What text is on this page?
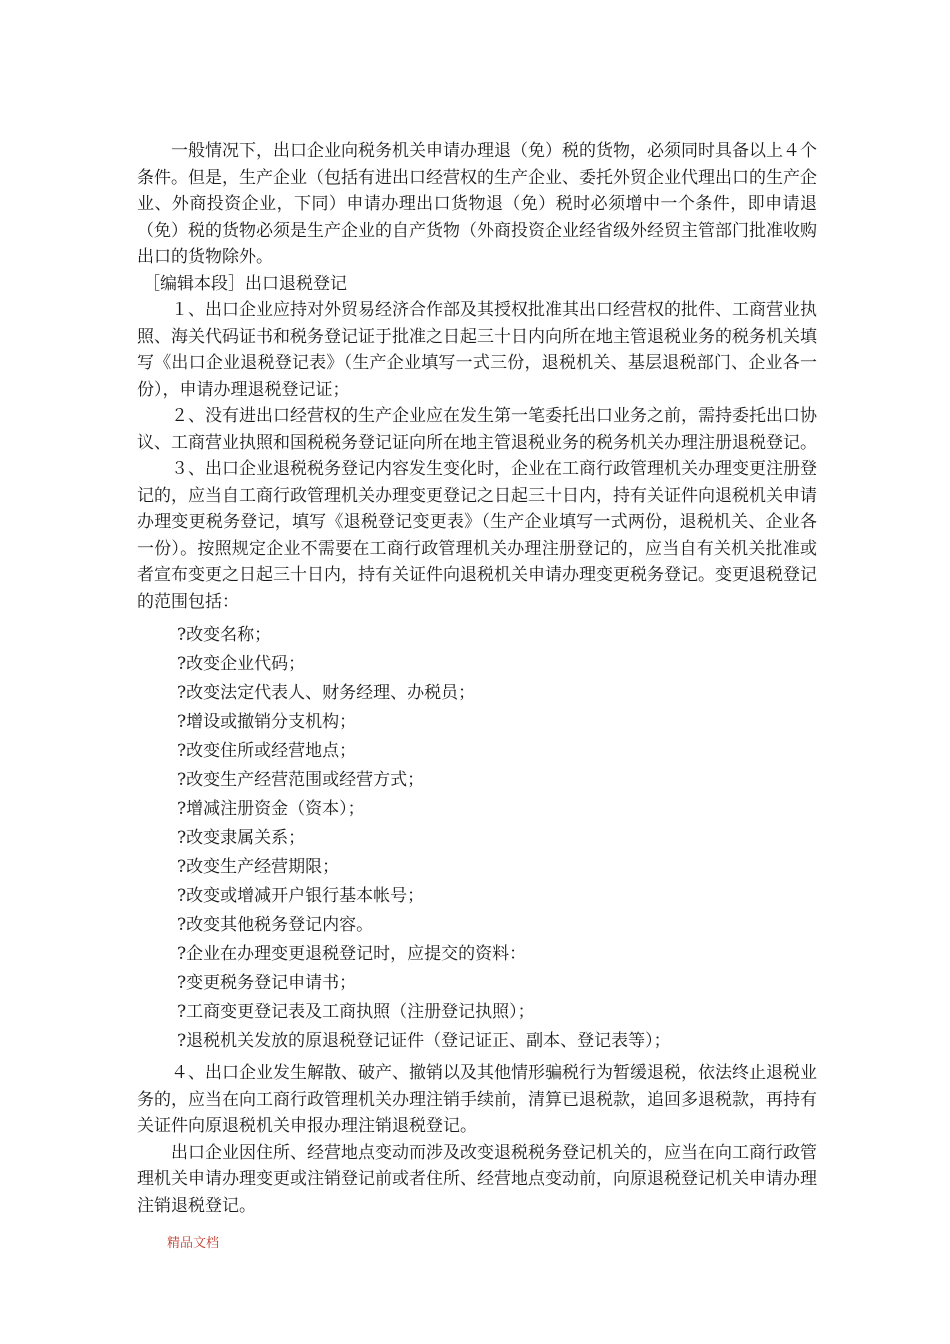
一般情况下，出口企业向税务机关申请办理退（免）税的货物，必须同时具备以上４个条件。但是，生产企业（包括有进出口经营权的生产企业、委托外贸企业代理出口的生产企业、外商投资企业，下同）申请办理出口货物退（免）税时必须增中一个条件，即申请退（免）税的货物必须是生产企业的自产货物（外商投资企业经省级外经贸主管部门批准收购出口的货物除外。

［编辑本段］出口退税登记

１、出口企业应持对外贸易经济合作部及其授权批准其出口经营权的批件、工商营业执照、海关代码证书和税务登记证于批准之日起三十日内向所在地主管退税业务的税务机关填写《出口企业退税登记表》（生产企业填写一式三份，退税机关、基层退税部门、企业各一份），申请办理退税登记证；

２、没有进出口经营权的生产企业应在发生第一笔委托出口业务之前，需持委托出口协议、工商营业执照和国税税务登记证向所在地主管退税业务的税务机关办理注册退税登记。

３、出口企业退税税务登记内容发生变化时，企业在工商行政管理机关办理变更注册登记的，应当自工商行政管理机关办理变更登记之日起三十日内，持有关证件向退税机关申请办理变更税务登记，填写《退税登记变更表》（生产企业填写一式两份，退税机关、企业各一份）。按照规定企业不需要在工商行政管理机关办理注册登记的，应当自有关机关批准或者宣布变更之日起三十日内，持有关证件向退税机关申请办理变更税务登记。变更退税登记的范围包括：

?改变名称；
?改变企业代码；
?改变法定代表人、财务经理、办税员；
?增设或撤销分支机构；
?改变住所或经营地点；
?改变生产经营范围或经营方式；
?增减注册资金（资本）；
?改变隶属关系；
?改变生产经营期限；
?改变或增减开户银行基本帐号；
?改变其他税务登记内容。
?企业在办理变更退税登记时，应提交的资料：
?变更税务登记申请书；
?工商变更登记表及工商执照（注册登记执照）；
?退税机关发放的原退税登记证件（登记证正、副本、登记表等）；

４、出口企业发生解散、破产、撤销以及其他情形骗税行为暂缓退税，依法终止退税业务的，应当在向工商行政管理机关办理注销手续前，清算已退税款，追回多退税款，再持有关证件向原退税机关申报办理注销退税登记。

出口企业因住所、经营地点变动而涉及改变退税税务登记机关的，应当在向工商行政管理机关申请办理变更或注销登记前或者住所、经营地点变动前，向原退税登记机关申请办理注销退税登记。

精品文档
